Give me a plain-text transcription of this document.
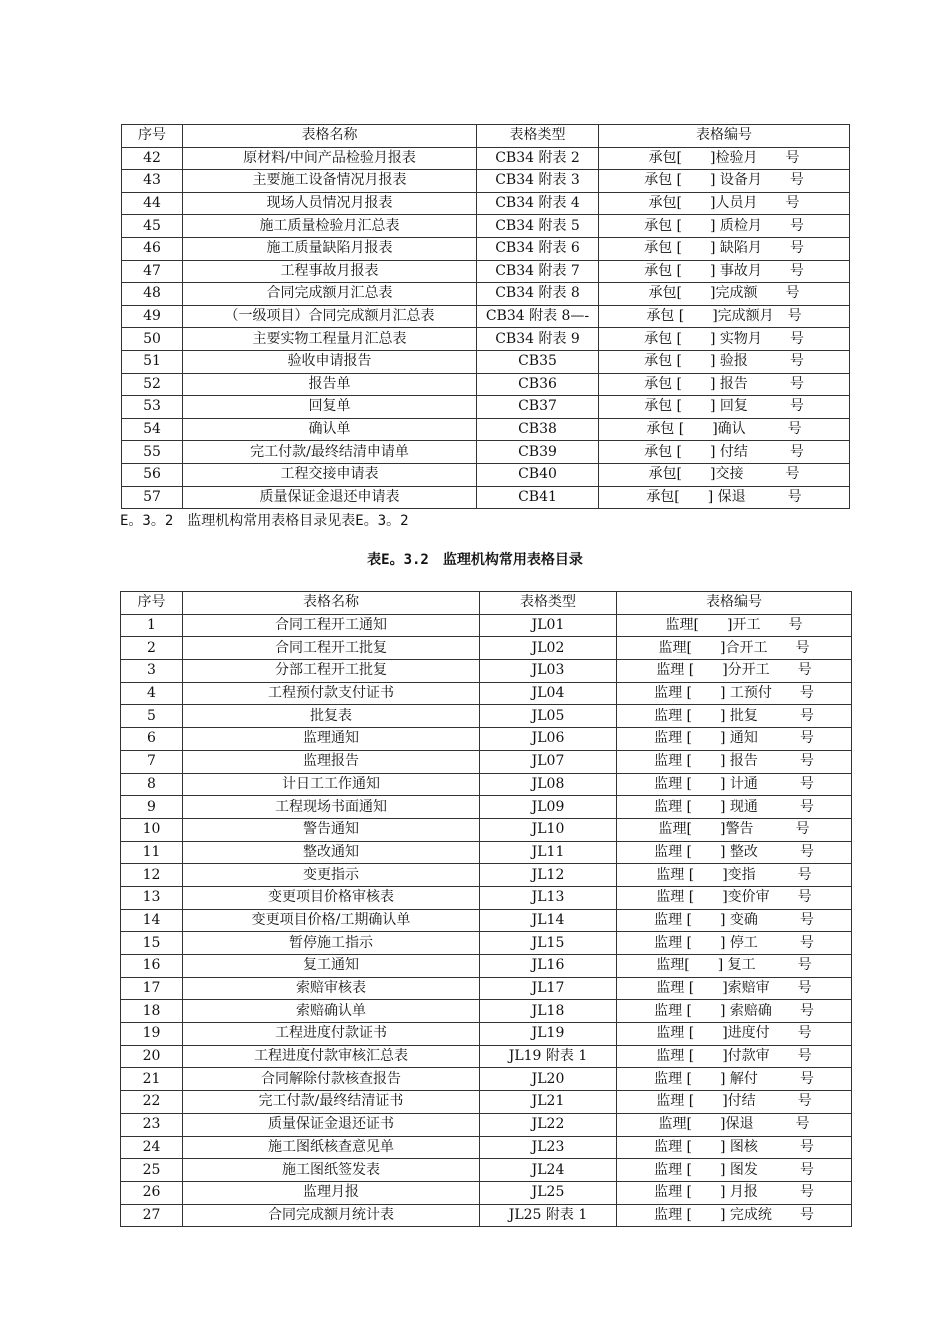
序号	表格名称	表格类型	表格编号
42	原材料/中间产品检验月报表	CB34 附表 2	承包[　　]检验月　　号
43	主要施工设备情况月报表	CB34 附表 3	承包 [　　] 设备月　　号
44	现场人员情况月报表	CB34 附表 4	承包[　　]人员月　　号
45	施工质量检验月汇总表	CB34 附表 5	承包 [　　] 质检月　　号
46	施工质量缺陷月报表	CB34 附表 6	承包 [　　] 缺陷月　　号
47	工程事故月报表	CB34 附表 7	承包 [　　] 事故月　　号
48	合同完成额月汇总表	CB34 附表 8	承包[　　]完成额　　号
49	（一级项目）合同完成额月汇总表	CB34 附表 8—-	承包 [　　]完成额月　号
50	主要实物工程量月汇总表	CB34 附表 9	承包 [　　] 实物月　　号
51	验收申请报告	CB35	承包 [　　] 验报　　　号
52	报告单	CB36	承包 [　　] 报告　　　号
53	回复单	CB37	承包 [　　] 回复　　　号
54	确认单	CB38	承包 [　　]确认　　　号
55	完工付款/最终结清申请单	CB39	承包 [　　] 付结　　　号
56	工程交接申请表	CB40	承包[　　]交接　　　号
57	质量保证金退还申请表	CB41	承包[　　] 保退　　　号
E。3。2　监理机构常用表格目录见表E。3。2
表E。3.2　监理机构常用表格目录
序号	表格名称	表格类型	表格编号
1	合同工程开工通知	JL01	监理[　　]开工　　号
2	合同工程开工批复	JL02	监理[　　]合开工　　号
3	分部工程开工批复	JL03	监理 [　　]分开工　　号
4	工程预付款支付证书	JL04	监理 [　　] 工预付　　号
5	批复表	JL05	监理 [　　] 批复　　　号
6	监理通知	JL06	监理 [　　] 通知　　　号
7	监理报告	JL07	监理 [　　] 报告　　　号
8	计日工工作通知	JL08	监理 [　　] 计通　　　号
9	工程现场书面通知	JL09	监理 [　　] 现通　　　号
10	警告通知	JL10	监理[　　]警告　　　号
11	整改通知	JL11	监理 [　　] 整改　　　号
12	变更指示	JL12	监理 [　　]变指　　　号
13	变更项目价格审核表	JL13	监理 [　　]变价审　　号
14	变更项目价格/工期确认单	JL14	监理 [　　] 变确　　　号
15	暂停施工指示	JL15	监理 [　　] 停工　　　号
16	复工通知	JL16	监理[　　] 复工　　　号
17	索赔审核表	JL17	监理 [　　]索赔审　　号
18	索赔确认单	JL18	监理 [　　] 索赔确　　号
19	工程进度付款证书	JL19	监理 [　　]进度付　　号
20	工程进度付款审核汇总表	JL19 附表 1	监理 [　　]付款审　　号
21	合同解除付款核查报告	JL20	监理 [　　] 解付　　　号
22	完工付款/最终结清证书	JL21	监理 [　　]付结　　　号
23	质量保证金退还证书	JL22	监理[　　]保退　　　号
24	施工图纸核查意见单	JL23	监理 [　　] 图核　　　号
25	施工图纸签发表	JL24	监理 [　　] 图发　　　号
26	监理月报	JL25	监理 [　　] 月报　　　号
27	合同完成额月统计表	JL25 附表 1	监理 [　　] 完成统　　号
